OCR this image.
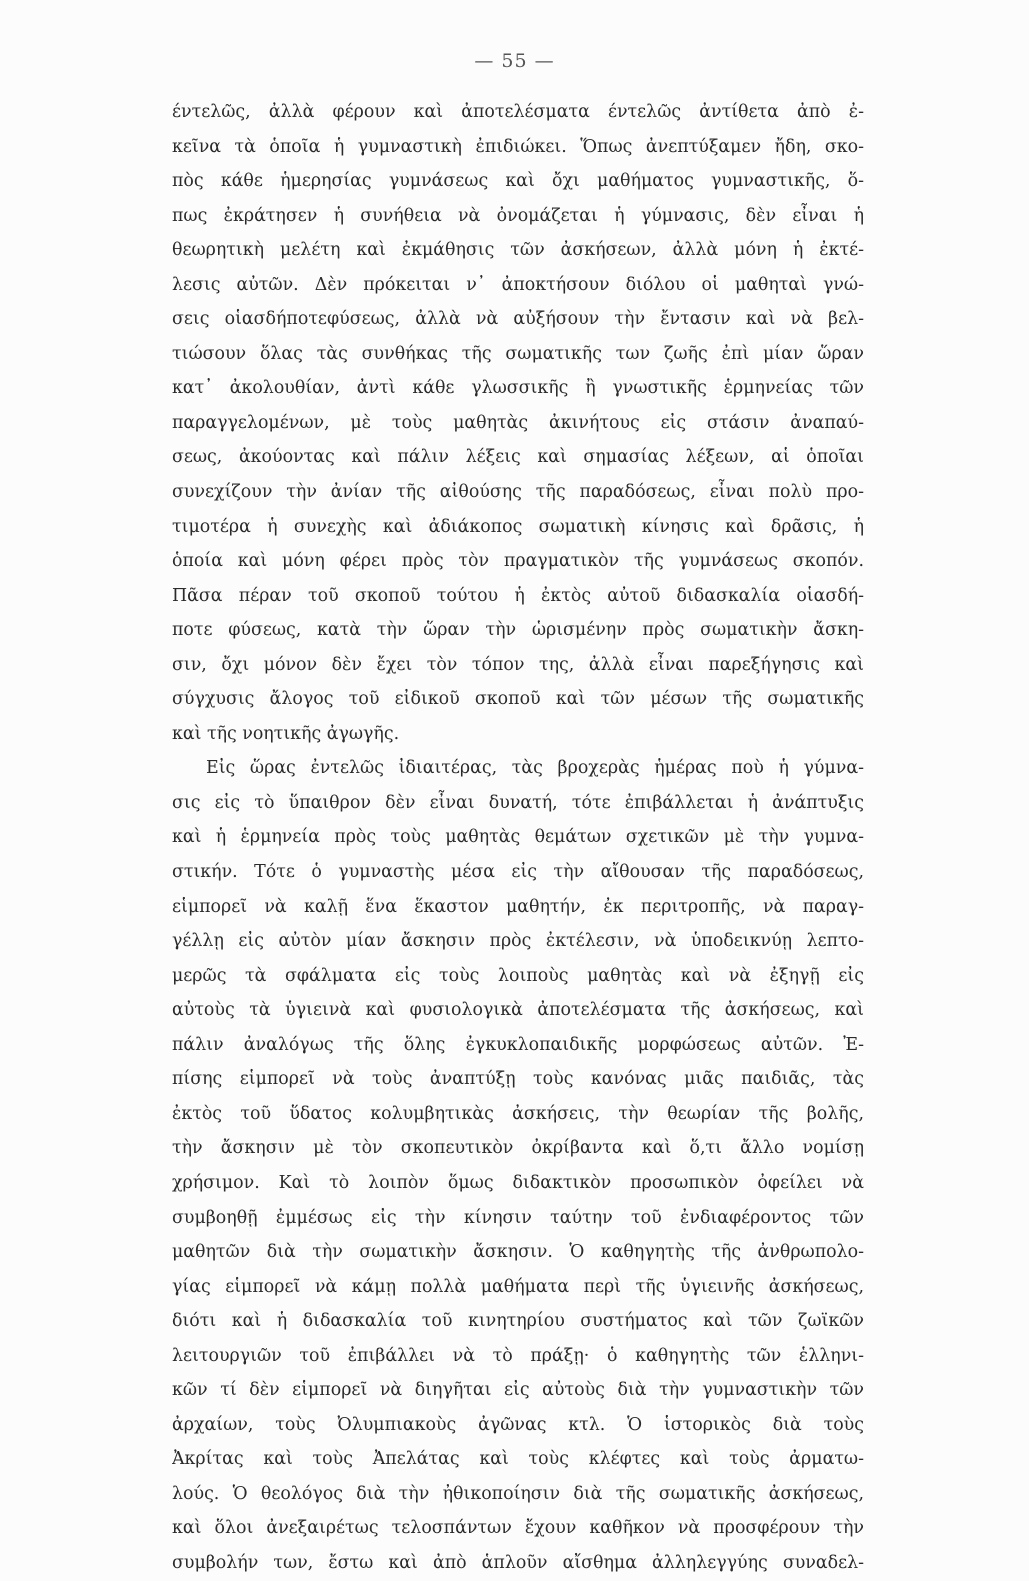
— 55 —
έντελῶς, ἀλλὰ φέρουν καὶ ἀποτελέσματα έντελῶς ἀντίθετα ἀπὸ ἐ-
κεῖνα τὰ ὁποῖα ἡ γυμναστικὴ ἐπιδιώκει. Ὅπως ἀνεπτύξαμεν ἤδη, σκο-
πὸς κάθε ἡμερησίας γυμνάσεως καὶ ὄχι μαθήματος γυμναστικῆς, ὅ-
πως ἐκράτησεν ἡ συνήθεια νὰ ὀνομάζεται ἡ γύμνασις, δὲν εἶναι ἡ
θεωρητικὴ μελέτη καὶ ἐκμάθησις τῶν ἀσκήσεων, ἀλλὰ μόνη ἡ ἐκτέ-
λεσις αὐτῶν. Δὲν πρόκειται ν᾿ ἀποκτήσουν διόλου οἱ μαθηταὶ γνώ-
σεις οἱασδήποτεφύσεως, ἀλλὰ νὰ αὐξήσουν τὴν ἔντασιν καὶ νὰ βελ-
τιώσουν ὅλας τὰς συνθήκας τῆς σωματικῆς των ζωῆς ἐπὶ μίαν ὥραν
κατ᾿ ἀκολουθίαν, ἀντὶ κάθε γλωσσικῆς ἢ γνωστικῆς ἑρμηνείας τῶν
παραγγελομένων, μὲ τοὺς μαθητὰς ἀκινήτους εἰς στάσιν ἀναπαύ-
σεως, ἀκούοντας καὶ πάλιν λέξεις καὶ σημασίας λέξεων, αἱ ὁποῖαι
συνεχίζουν τὴν ἀνίαν τῆς αἰθούσης τῆς παραδόσεως, εἶναι πολὺ προ-
τιμοτέρα ἡ συνεχὴς καὶ ἀδιάκοπος σωματικὴ κίνησις καὶ δρᾶσις, ἡ
ὁποία καὶ μόνη φέρει πρὸς τὸν πραγματικὸν τῆς γυμνάσεως σκοπόν.
Πᾶσα πέραν τοῦ σκοποῦ τούτου ἡ ἐκτὸς αὐτοῦ διδασκαλία οἱασδή-
ποτε φύσεως, κατὰ τὴν ὥραν τὴν ὡρισμένην πρὸς σωματικὴν ἄσκη-
σιν, ὄχι μόνον δὲν ἔχει τὸν τόπον της, ἀλλὰ εἶναι παρεξήγησις καὶ
σύγχυσις ἄλογος τοῦ εἰδικοῦ σκοποῦ καὶ τῶν μέσων τῆς σωματικῆς
καὶ τῆς νοητικῆς ἀγωγῆς.
Εἰς ὥρας ἐντελῶς ἰδιαιτέρας, τὰς βροχερὰς ἡμέρας ποὺ ἡ γύμνα-
σις εἰς τὸ ὕπαιθρον δὲν εἶναι δυνατή, τότε ἐπιβάλλεται ἡ ἀνάπτυξις
καὶ ἡ ἑρμηνεία πρὸς τοὺς μαθητὰς θεμάτων σχετικῶν μὲ τὴν γυμνα-
στικήν. Τότε ὁ γυμναστὴς μέσα εἰς τὴν αἴθουσαν τῆς παραδόσεως,
εἱμπορεῖ νὰ καλῇ ἕνα ἕκαστον μαθητήν, ἐκ περιτροπῆς, νὰ παραγ-
γέλλῃ εἰς αὐτὸν μίαν ἄσκησιν πρὸς ἐκτέλεσιν, νὰ ὑποδεικνύῃ λεπτο-
μερῶς τὰ σφάλματα εἰς τοὺς λοιποὺς μαθητὰς καὶ νὰ ἐξηγῇ εἰς
αὐτοὺς τὰ ὑγιεινὰ καὶ φυσιολογικὰ ἀποτελέσματα τῆς ἀσκήσεως, καὶ
πάλιν ἀναλόγως τῆς ὅλης ἐγκυκλοπαιδικῆς μορφώσεως αὐτῶν. Ἐ-
πίσης εἱμπορεῖ νὰ τοὺς ἀναπτύξῃ τοὺς κανόνας μιᾶς παιδιᾶς, τὰς
ἐκτὸς τοῦ ὕδατος κολυμβητικὰς ἀσκήσεις, τὴν θεωρίαν τῆς βολῆς,
τὴν ἄσκησιν μὲ τὸν σκοπευτικὸν ὀκρίβαντα καὶ ὅ,τι ἄλλο νομίσῃ
χρήσιμον. Καὶ τὸ λοιπὸν ὅμως διδακτικὸν προσωπικὸν ὀφείλει νὰ
συμβοηθῇ ἐμμέσως εἰς τὴν κίνησιν ταύτην τοῦ ἐνδιαφέροντος τῶν
μαθητῶν διὰ τὴν σωματικὴν ἄσκησιν. Ὁ καθηγητὴς τῆς ἀνθρωπολο-
γίας εἱμπορεῖ νὰ κάμῃ πολλὰ μαθήματα περὶ τῆς ὑγιεινῆς ἀσκήσεως,
διότι καὶ ἡ διδασκαλία τοῦ κινητηρίου συστήματος καὶ τῶν ζωϊκῶν
λειτουργιῶν τοῦ ἐπιβάλλει νὰ τὸ πράξῃ· ὁ καθηγητὴς τῶν ἑλληνι-
κῶν τί δὲν εἱμπορεῖ νὰ διηγῆται εἰς αὐτοὺς διὰ τὴν γυμναστικὴν τῶν
ἀρχαίων, τοὺς Ὀλυμπιακοὺς ἀγῶνας κτλ. Ὁ ἱστορικὸς διὰ τοὺς
Ἀκρίτας καὶ τοὺς Ἀπελάτας καὶ τοὺς κλέφτες καὶ τοὺς ἀρματω-
λούς. Ὁ θεολόγος διὰ τὴν ἠθικοποίησιν διὰ τῆς σωματικῆς ἀσκήσεως,
καὶ ὅλοι ἀνεξαιρέτως τελοσπάντων ἔχουν καθῆκον νὰ προσφέρουν τὴν
συμβολήν των, ἔστω καὶ ἀπὸ ἁπλοῦν αἴσθημα ἀλληλεγγύης συναδελ-
